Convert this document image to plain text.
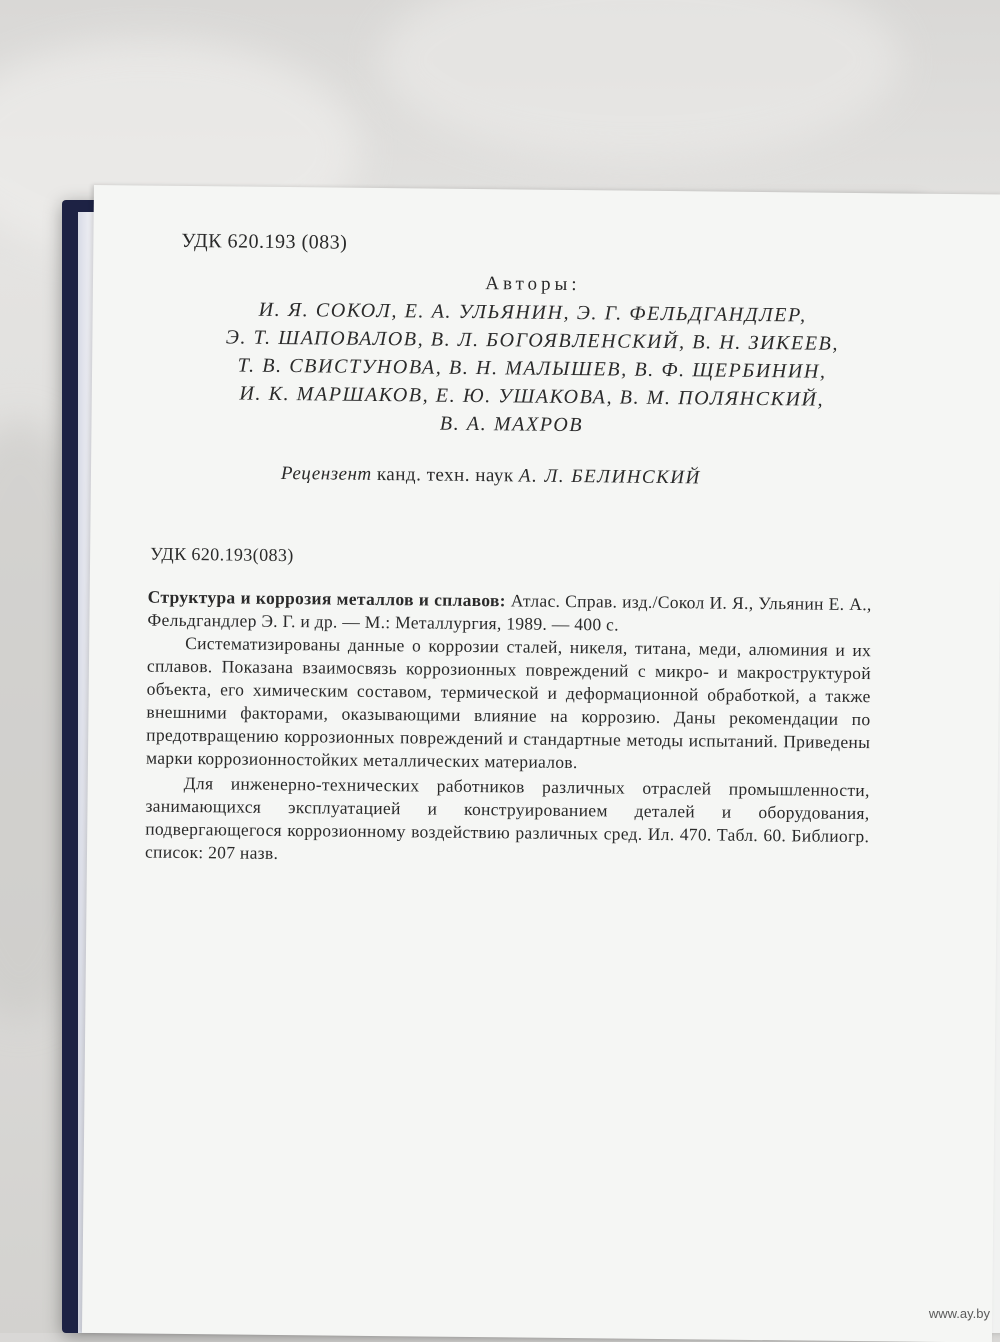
УДК 620.193 (083)
Авторы:
И. Я. СОКОЛ, Е. А. УЛЬЯНИН, Э. Г. ФЕЛЬДГАНДЛЕР,
Э. Т. ШАПОВАЛОВ, В. Л. БОГОЯВЛЕНСКИЙ, В. Н. ЗИКЕЕВ,
Т. В. СВИСТУНОВА, В. Н. МАЛЫШЕВ, В. Ф. ЩЕРБИНИН,
И. К. МАРШАКОВ, Е. Ю. УШАКОВА, В. М. ПОЛЯНСКИЙ,
В. А. МАХРОВ
Рецензент канд. техн. наук А. Л. БЕЛИНСКИЙ
УДК 620.193(083)

Структура и коррозия металлов и сплавов: Атлас. Справ. изд./Сокол И. Я., Ульянин Е. А., Фельдгандлер Э. Г. и др. — М.: Металлургия, 1989. — 400 с.

Систематизированы данные о коррозии сталей, никеля, титана, меди, алюминия и их сплавов. Показана взаимосвязь коррозионных повреждений с микро- и макроструктурой объекта, его химическим составом, термической и деформационной обработкой, а также внешними факторами, оказывающими влияние на коррозию. Даны рекомендации по предотвращению коррозионных повреждений и стандартные методы испытаний. Приведены марки коррозионностойких металлических материалов.

Для инженерно-технических работников различных отраслей промышленности, занимающихся эксплуатацией и конструированием деталей и оборудования, подвергающегося коррозионному воздействию различных сред. Ил. 470. Табл. 60. Библиогр. список: 207 назв.

www.ay.by
